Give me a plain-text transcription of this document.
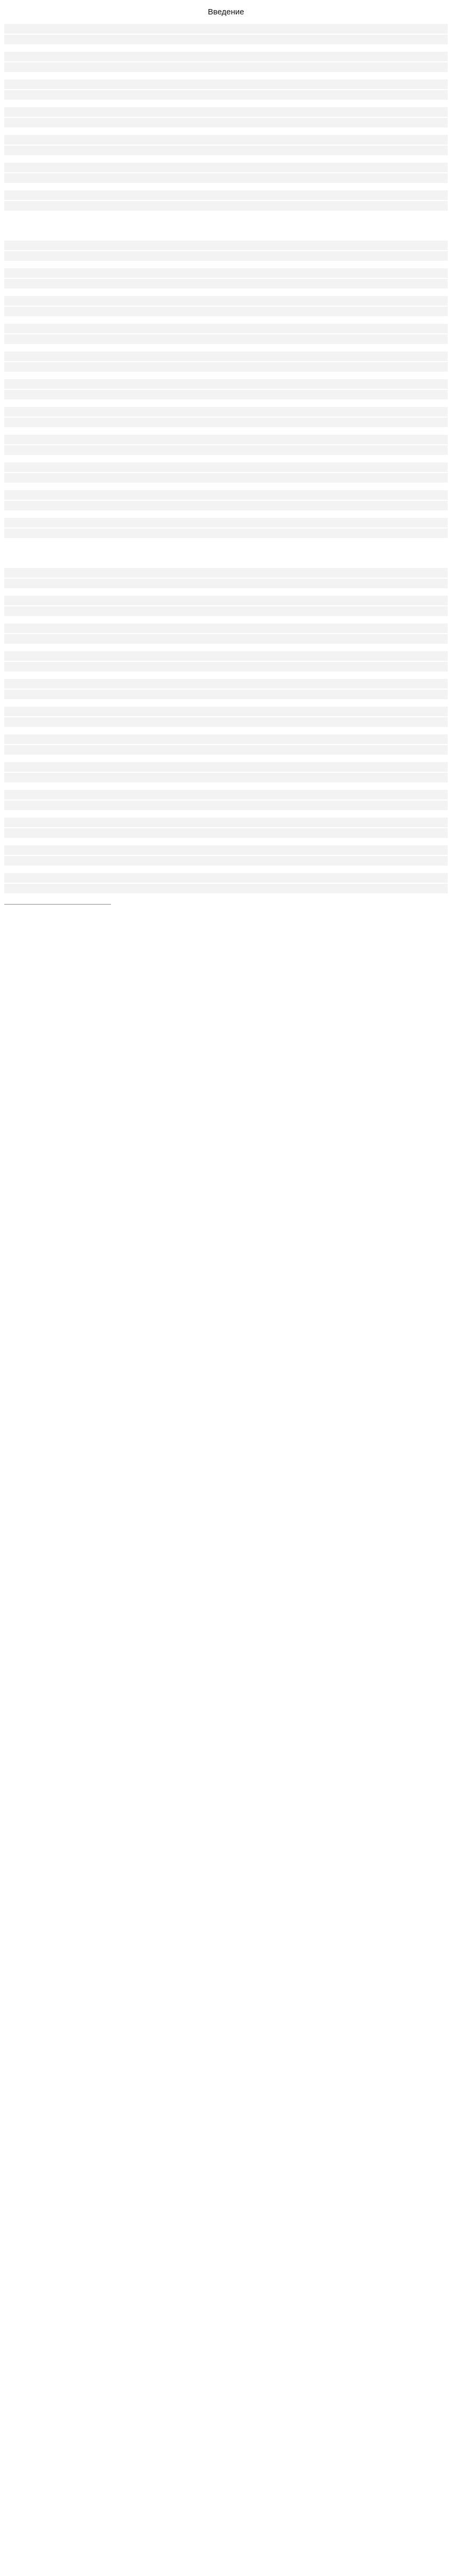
Введение
